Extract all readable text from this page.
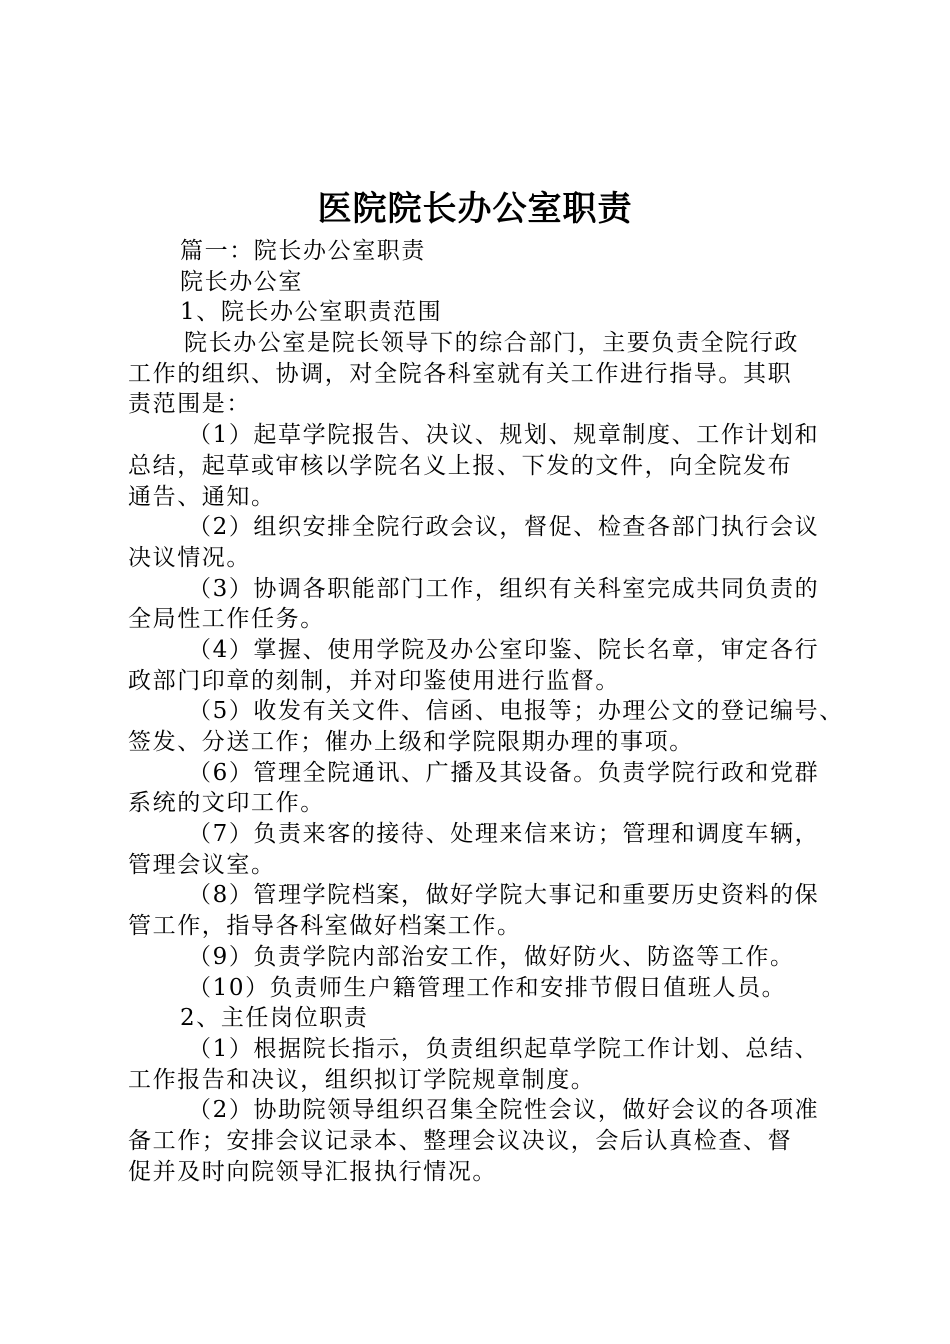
医院院长办公室职责
篇一：院长办公室职责
院长办公室
1、院长办公室职责范围
院长办公室是院长领导下的综合部门，主要负责全院行政
工作的组织、协调，对全院各科室就有关工作进行指导。其职
责范围是：
（1）起草学院报告、决议、规划、规章制度、工作计划和
总结，起草或审核以学院名义上报、下发的文件，向全院发布
通告、通知。
（2）组织安排全院行政会议，督促、检查各部门执行会议
决议情况。
（3）协调各职能部门工作，组织有关科室完成共同负责的
全局性工作任务。
（4）掌握、使用学院及办公室印鉴、院长名章，审定各行
政部门印章的刻制，并对印鉴使用进行监督。
（5）收发有关文件、信函、电报等；办理公文的登记编号、
签发、分送工作；催办上级和学院限期办理的事项。
（6）管理全院通讯、广播及其设备。负责学院行政和党群
系统的文印工作。
（7）负责来客的接待、处理来信来访；管理和调度车辆，
管理会议室。
（8）管理学院档案，做好学院大事记和重要历史资料的保
管工作，指导各科室做好档案工作。
（9）负责学院内部治安工作，做好防火、防盗等工作。
（10）负责师生户籍管理工作和安排节假日值班人员。
2、主任岗位职责
（1）根据院长指示，负责组织起草学院工作计划、总结、
工作报告和决议，组织拟订学院规章制度。
（2）协助院领导组织召集全院性会议，做好会议的各项准
备工作；安排会议记录本、整理会议决议，会后认真检查、督
促并及时向院领导汇报执行情况。
